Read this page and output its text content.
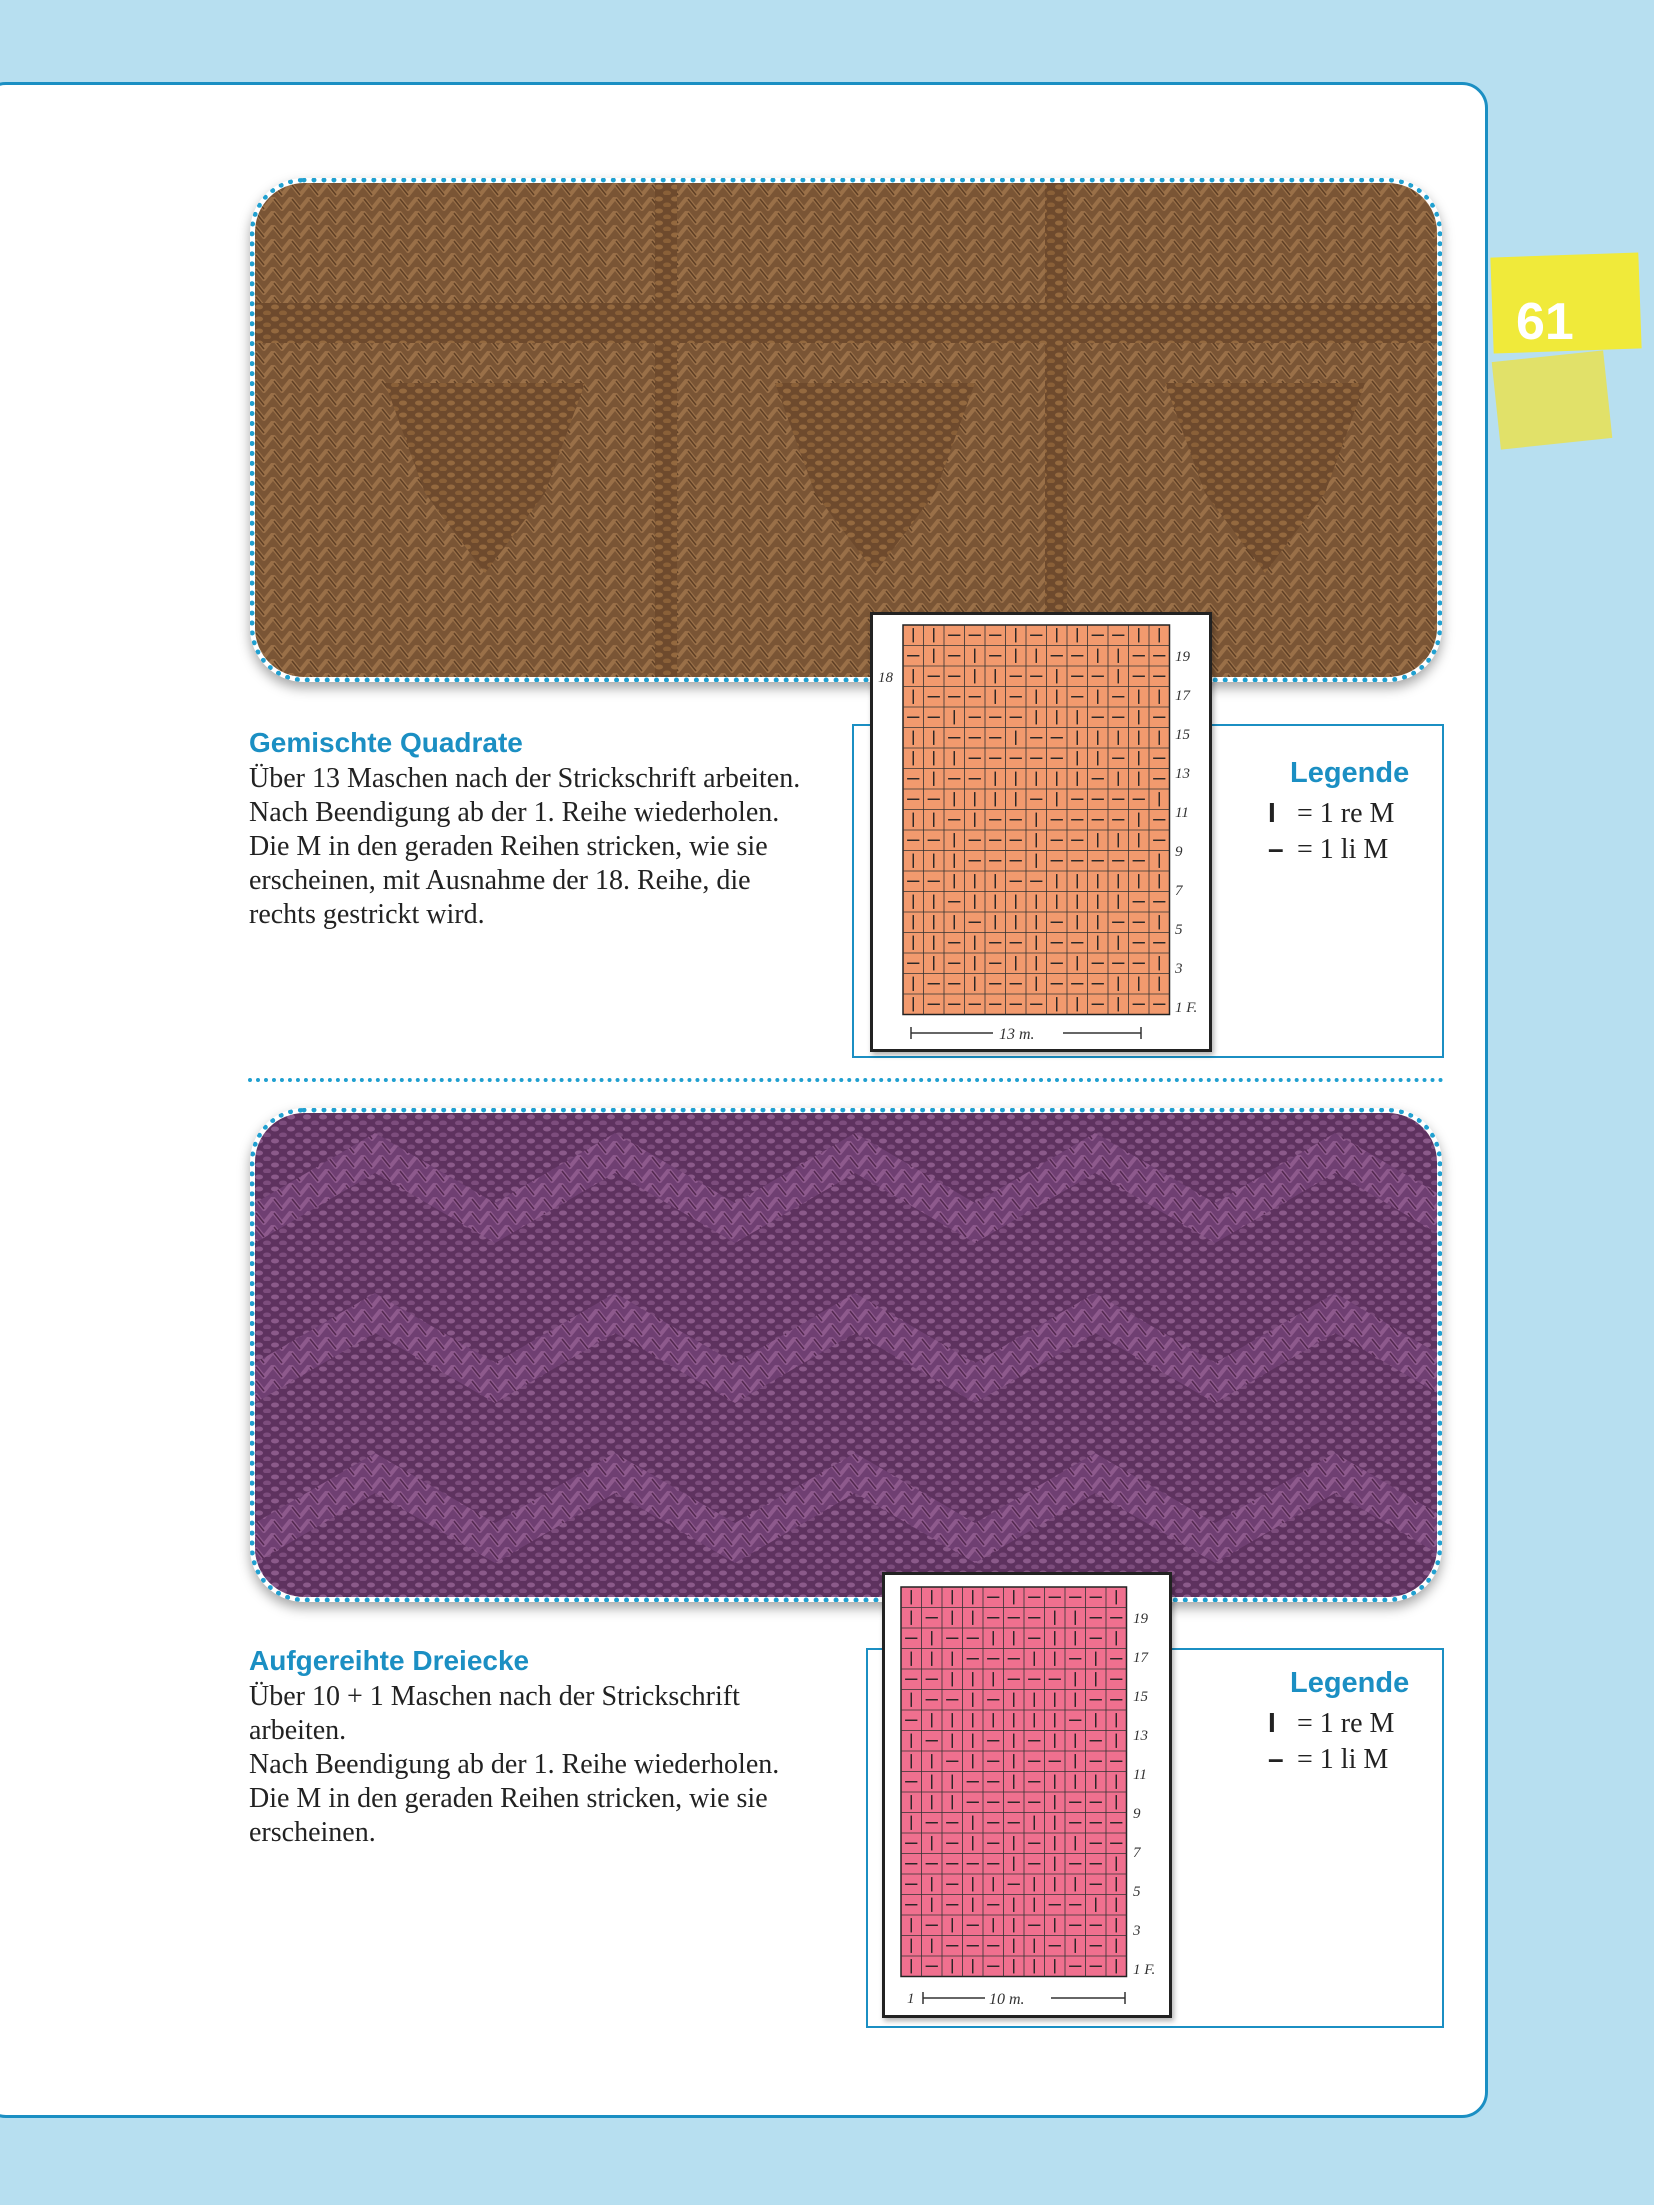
61
Gemischte Quadrate

Über 13 Maschen nach der Strickschrift arbeiten. Nach Beendigung ab der 1. Reihe wiederholen. Die M in den geraden Reihen stricken, wie sie erscheinen, mit Ausnahme der 18. Reihe, die rechts gestrickt wird.

Legende
I = 1 re M
– = 1 li M
18
19
17
15
13
11
9
7
5
3
1 F.
13 m.
Aufgereihte Dreiecke

Über 10 + 1 Maschen nach der Strickschrift arbeiten.

Nach Beendigung ab der 1. Reihe wiederholen. Die M in den geraden Reihen stricken, wie sie erscheinen.

Legende
I = 1 re M
– = 1 li M
19
17
15
13
11
9
7
5
3
1 F.
1	10 m.
